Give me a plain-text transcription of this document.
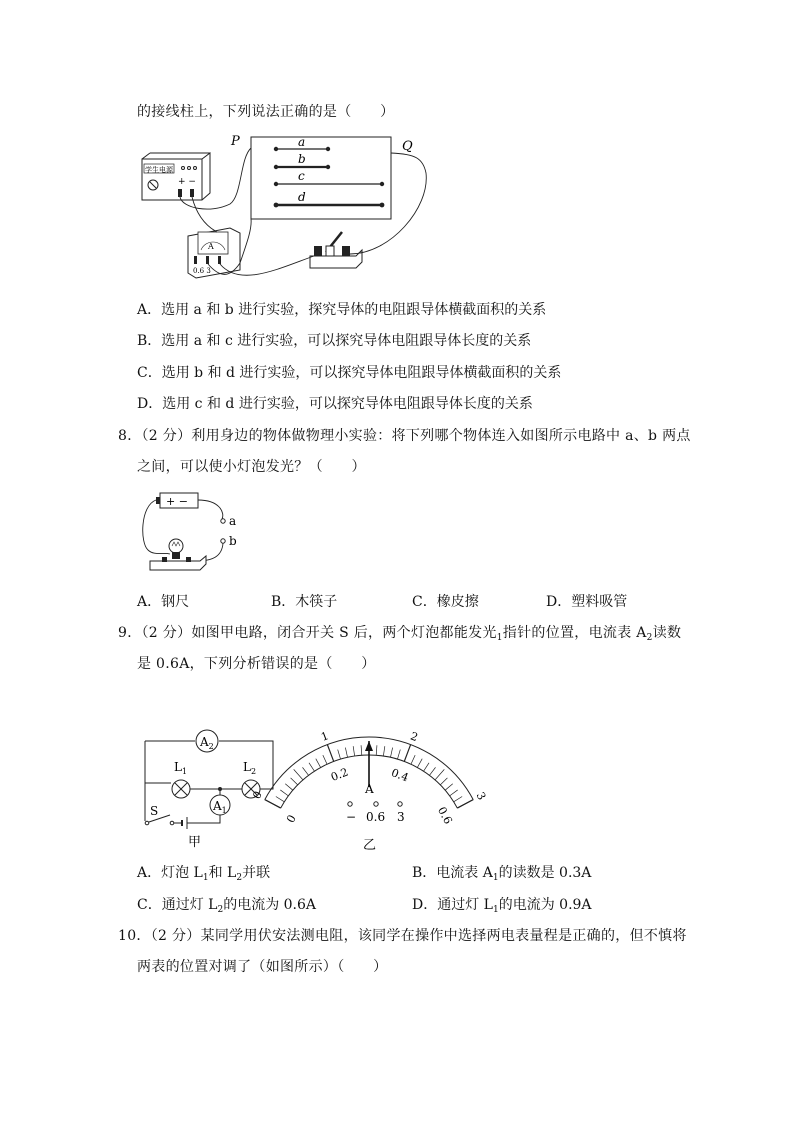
的接线柱上，下列说法正确的是（　　）
P	Q
a
b
c
d
学生电源
+ −
A
0.6 3
A．选用 a 和 b 进行实验，探究导体的电阻跟导体横截面积的关系
B．选用 a 和 c 进行实验，可以探究导体电阻跟导体长度的关系
C．选用 b 和 d 进行实验，可以探究导体电阻跟导体横截面积的关系
D．选用 c 和 d 进行实验，可以探究导体电阻跟导体长度的关系
8．（2 分）利用身边的物体做物理小实验：将下列哪个物体连入如图所示电路中 a、b 两点
之间，可以使小灯泡发光？（　　）
+ −
a
b
A．钢尺	B．木筷子	C．橡皮擦	D．塑料吸管
9．（2 分）如图甲电路，闭合开关 S 后，两个灯泡都能发光$_1$指针的位置，电流表 $A_2$读数
是 0.6A，下列分析错误的是（　　）
$A_2$
$L_1$	$L_2$
$A_1$
S
甲
0
1	2
3
0
0.2	0.4
0.6
A
− 0.6 3
乙
A．灯泡 $L_1$和 $L_2$并联	B．电流表 $A_1$的读数是 0.3A
C．通过灯 $L_2$的电流为 0.6A	D．通过灯 $L_1$的电流为 0.9A
10．（2 分）某同学用伏安法测电阻，该同学在操作中选择两电表量程是正确的，但不慎将
两表的位置对调了（如图所示）（　　）
